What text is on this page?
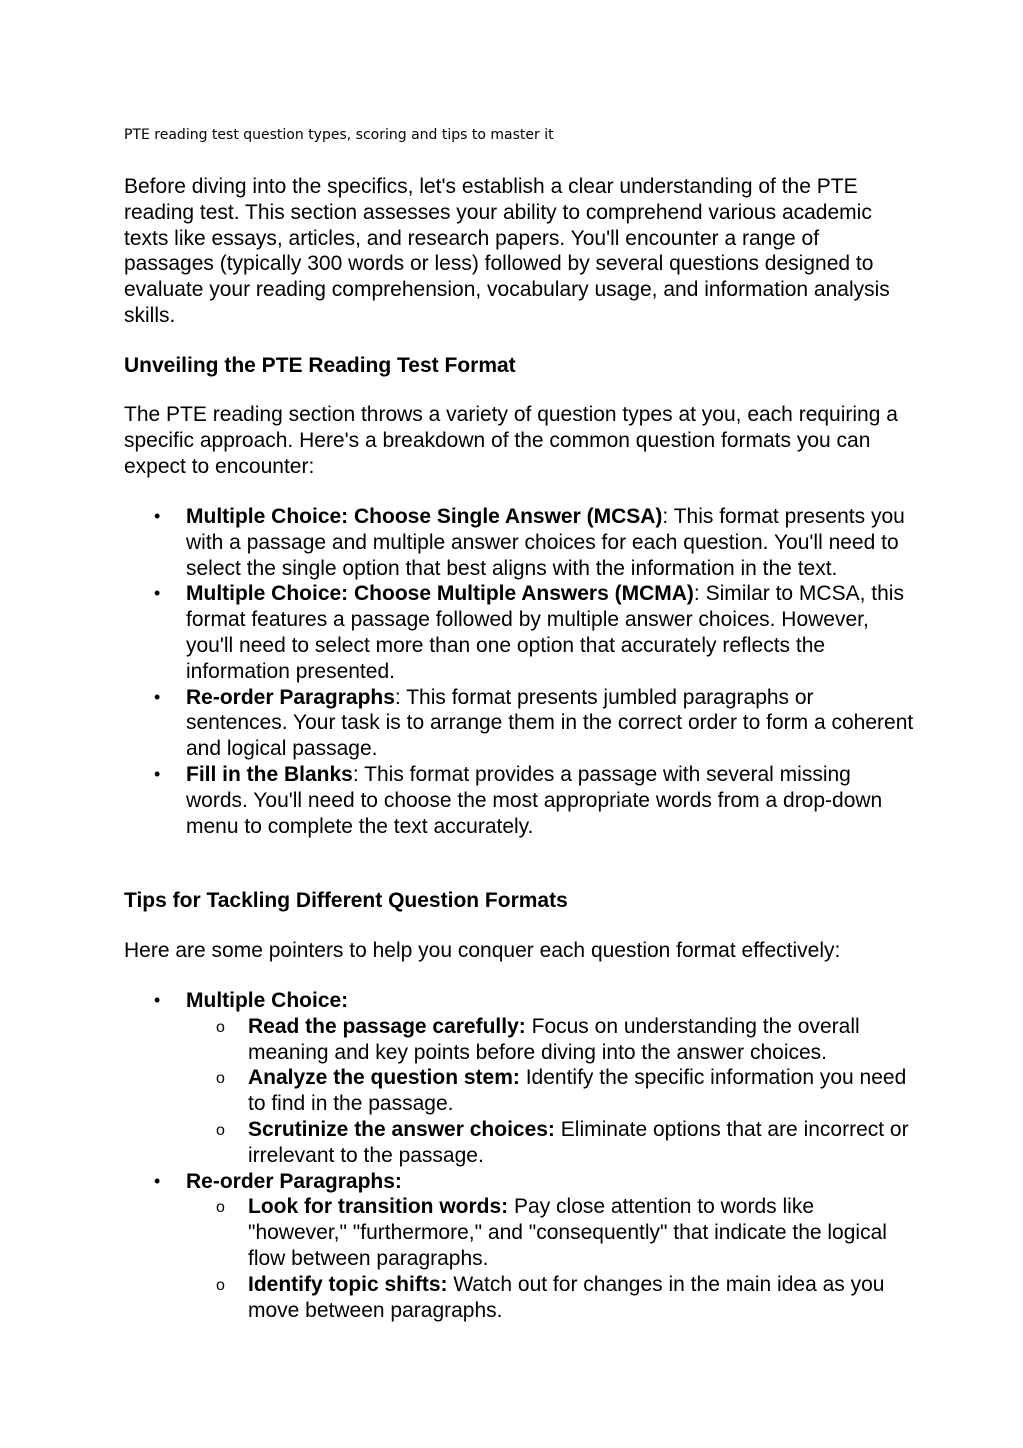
PTE reading test question types, scoring and tips to master it

Before diving into the specifics, let's establish a clear understanding of the PTE reading test. This section assesses your ability to comprehend various academic texts like essays, articles, and research papers. You'll encounter a range of passages (typically 300 words or less) followed by several questions designed to evaluate your reading comprehension, vocabulary usage, and information analysis skills.

Unveiling the PTE Reading Test Format

The PTE reading section throws a variety of question types at you, each requiring a specific approach. Here's a breakdown of the common question formats you can expect to encounter:

• Multiple Choice: Choose Single Answer (MCSA): This format presents you with a passage and multiple answer choices for each question. You'll need to select the single option that best aligns with the information in the text.
• Multiple Choice: Choose Multiple Answers (MCMA): Similar to MCSA, this format features a passage followed by multiple answer choices. However, you'll need to select more than one option that accurately reflects the information presented.
• Re-order Paragraphs: This format presents jumbled paragraphs or sentences. Your task is to arrange them in the correct order to form a coherent and logical passage.
• Fill in the Blanks: This format provides a passage with several missing words. You'll need to choose the most appropriate words from a drop-down menu to complete the text accurately.

Tips for Tackling Different Question Formats

Here are some pointers to help you conquer each question format effectively:

• Multiple Choice:
o Read the passage carefully: Focus on understanding the overall meaning and key points before diving into the answer choices.
o Analyze the question stem: Identify the specific information you need to find in the passage.
o Scrutinize the answer choices: Eliminate options that are incorrect or irrelevant to the passage.
• Re-order Paragraphs:
o Look for transition words: Pay close attention to words like "however," "furthermore," and "consequently" that indicate the logical flow between paragraphs.
o Identify topic shifts: Watch out for changes in the main idea as you move between paragraphs.
